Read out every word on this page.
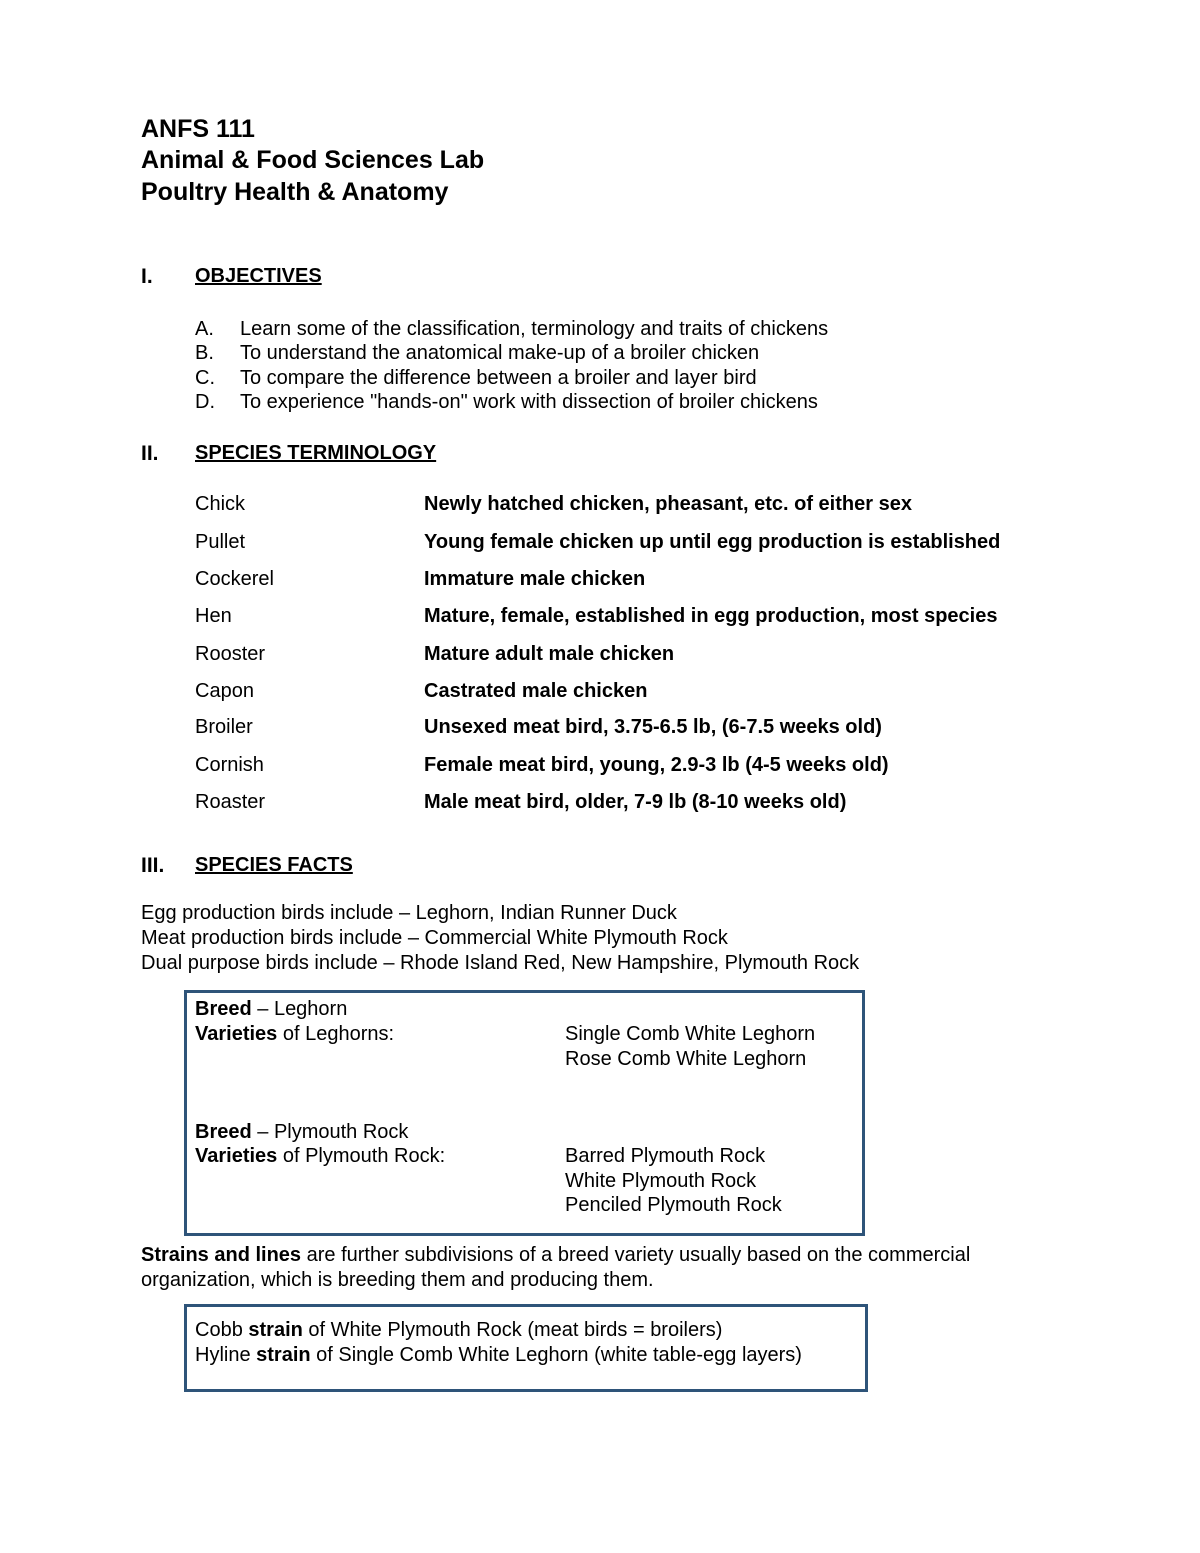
ANFS 111
Animal & Food Sciences Lab
Poultry Health & Anatomy
I. OBJECTIVES
A. Learn some of the classification, terminology and traits of chickens
B. To understand the anatomical make-up of a broiler chicken
C. To compare the difference between a broiler and layer bird
D. To experience "hands-on" work with dissection of broiler chickens
II. SPECIES TERMINOLOGY
Chick	Newly hatched chicken, pheasant, etc. of either sex
Pullet	Young female chicken up until egg production is established
Cockerel	Immature male chicken
Hen	Mature, female, established in egg production, most species
Rooster	Mature adult male chicken
Capon	Castrated male chicken
Broiler	Unsexed meat bird, 3.75-6.5 lb, (6-7.5 weeks old)
Cornish	Female meat bird, young, 2.9-3 lb (4-5 weeks old)
Roaster	Male meat bird, older, 7-9 lb (8-10 weeks old)
III. SPECIES FACTS
Egg production birds include – Leghorn, Indian Runner Duck
Meat production birds include – Commercial White Plymouth Rock
Dual purpose birds include – Rhode Island Red, New Hampshire, Plymouth Rock
Breed – Leghorn
Varieties of Leghorns:	Single Comb White Leghorn
Rose Comb White Leghorn
Breed – Plymouth Rock
Varieties of Plymouth Rock:	Barred Plymouth Rock
White Plymouth Rock
Penciled Plymouth Rock
Strains and lines are further subdivisions of a breed variety usually based on the commercial
organization, which is breeding them and producing them.
Cobb strain of White Plymouth Rock (meat birds = broilers)
Hyline strain of Single Comb White Leghorn (white table-egg layers)
